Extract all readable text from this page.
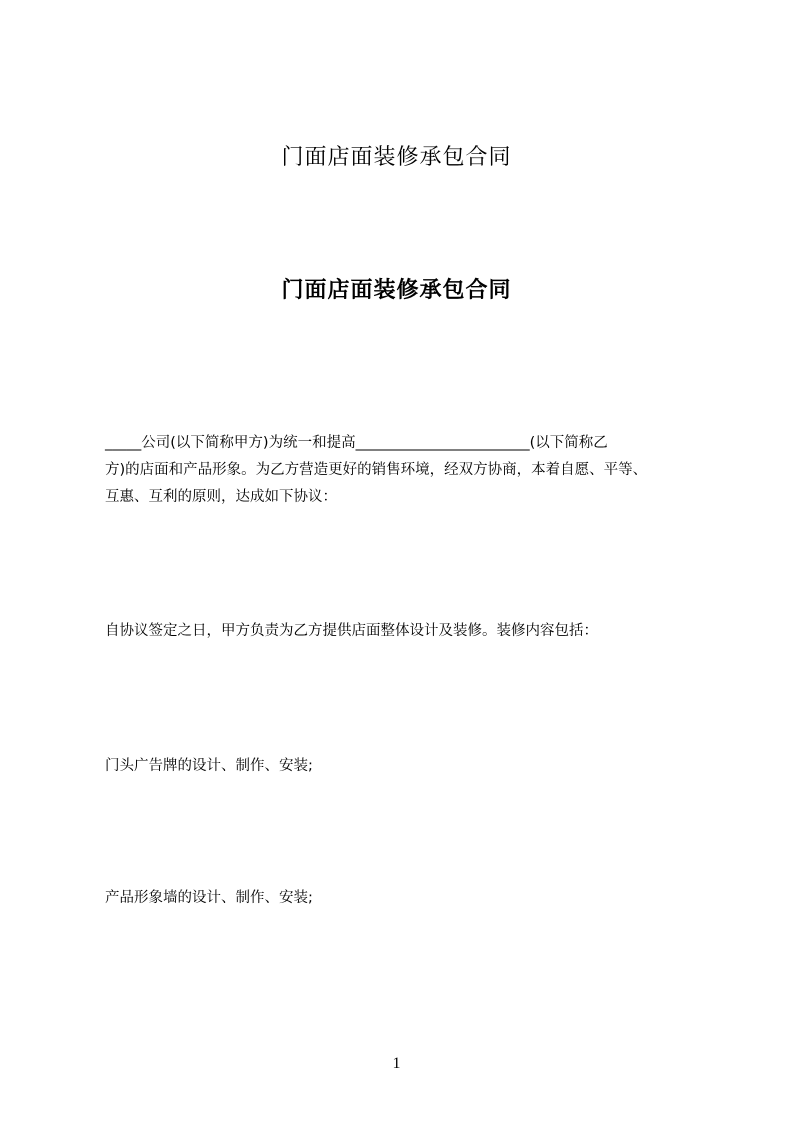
门面店面装修承包合同
门面店面装修承包合同
_____公司(以下简称甲方)为统一和提高________________________(以下简称乙
方)的店面和产品形象。为乙方营造更好的销售环境，经双方协商，本着自愿、平等、
互惠、互利的原则，达成如下协议：
自协议签定之日，甲方负责为乙方提供店面整体设计及装修。装修内容包括：
门头广告牌的设计、制作、安装;
产品形象墙的设计、制作、安装;
1
